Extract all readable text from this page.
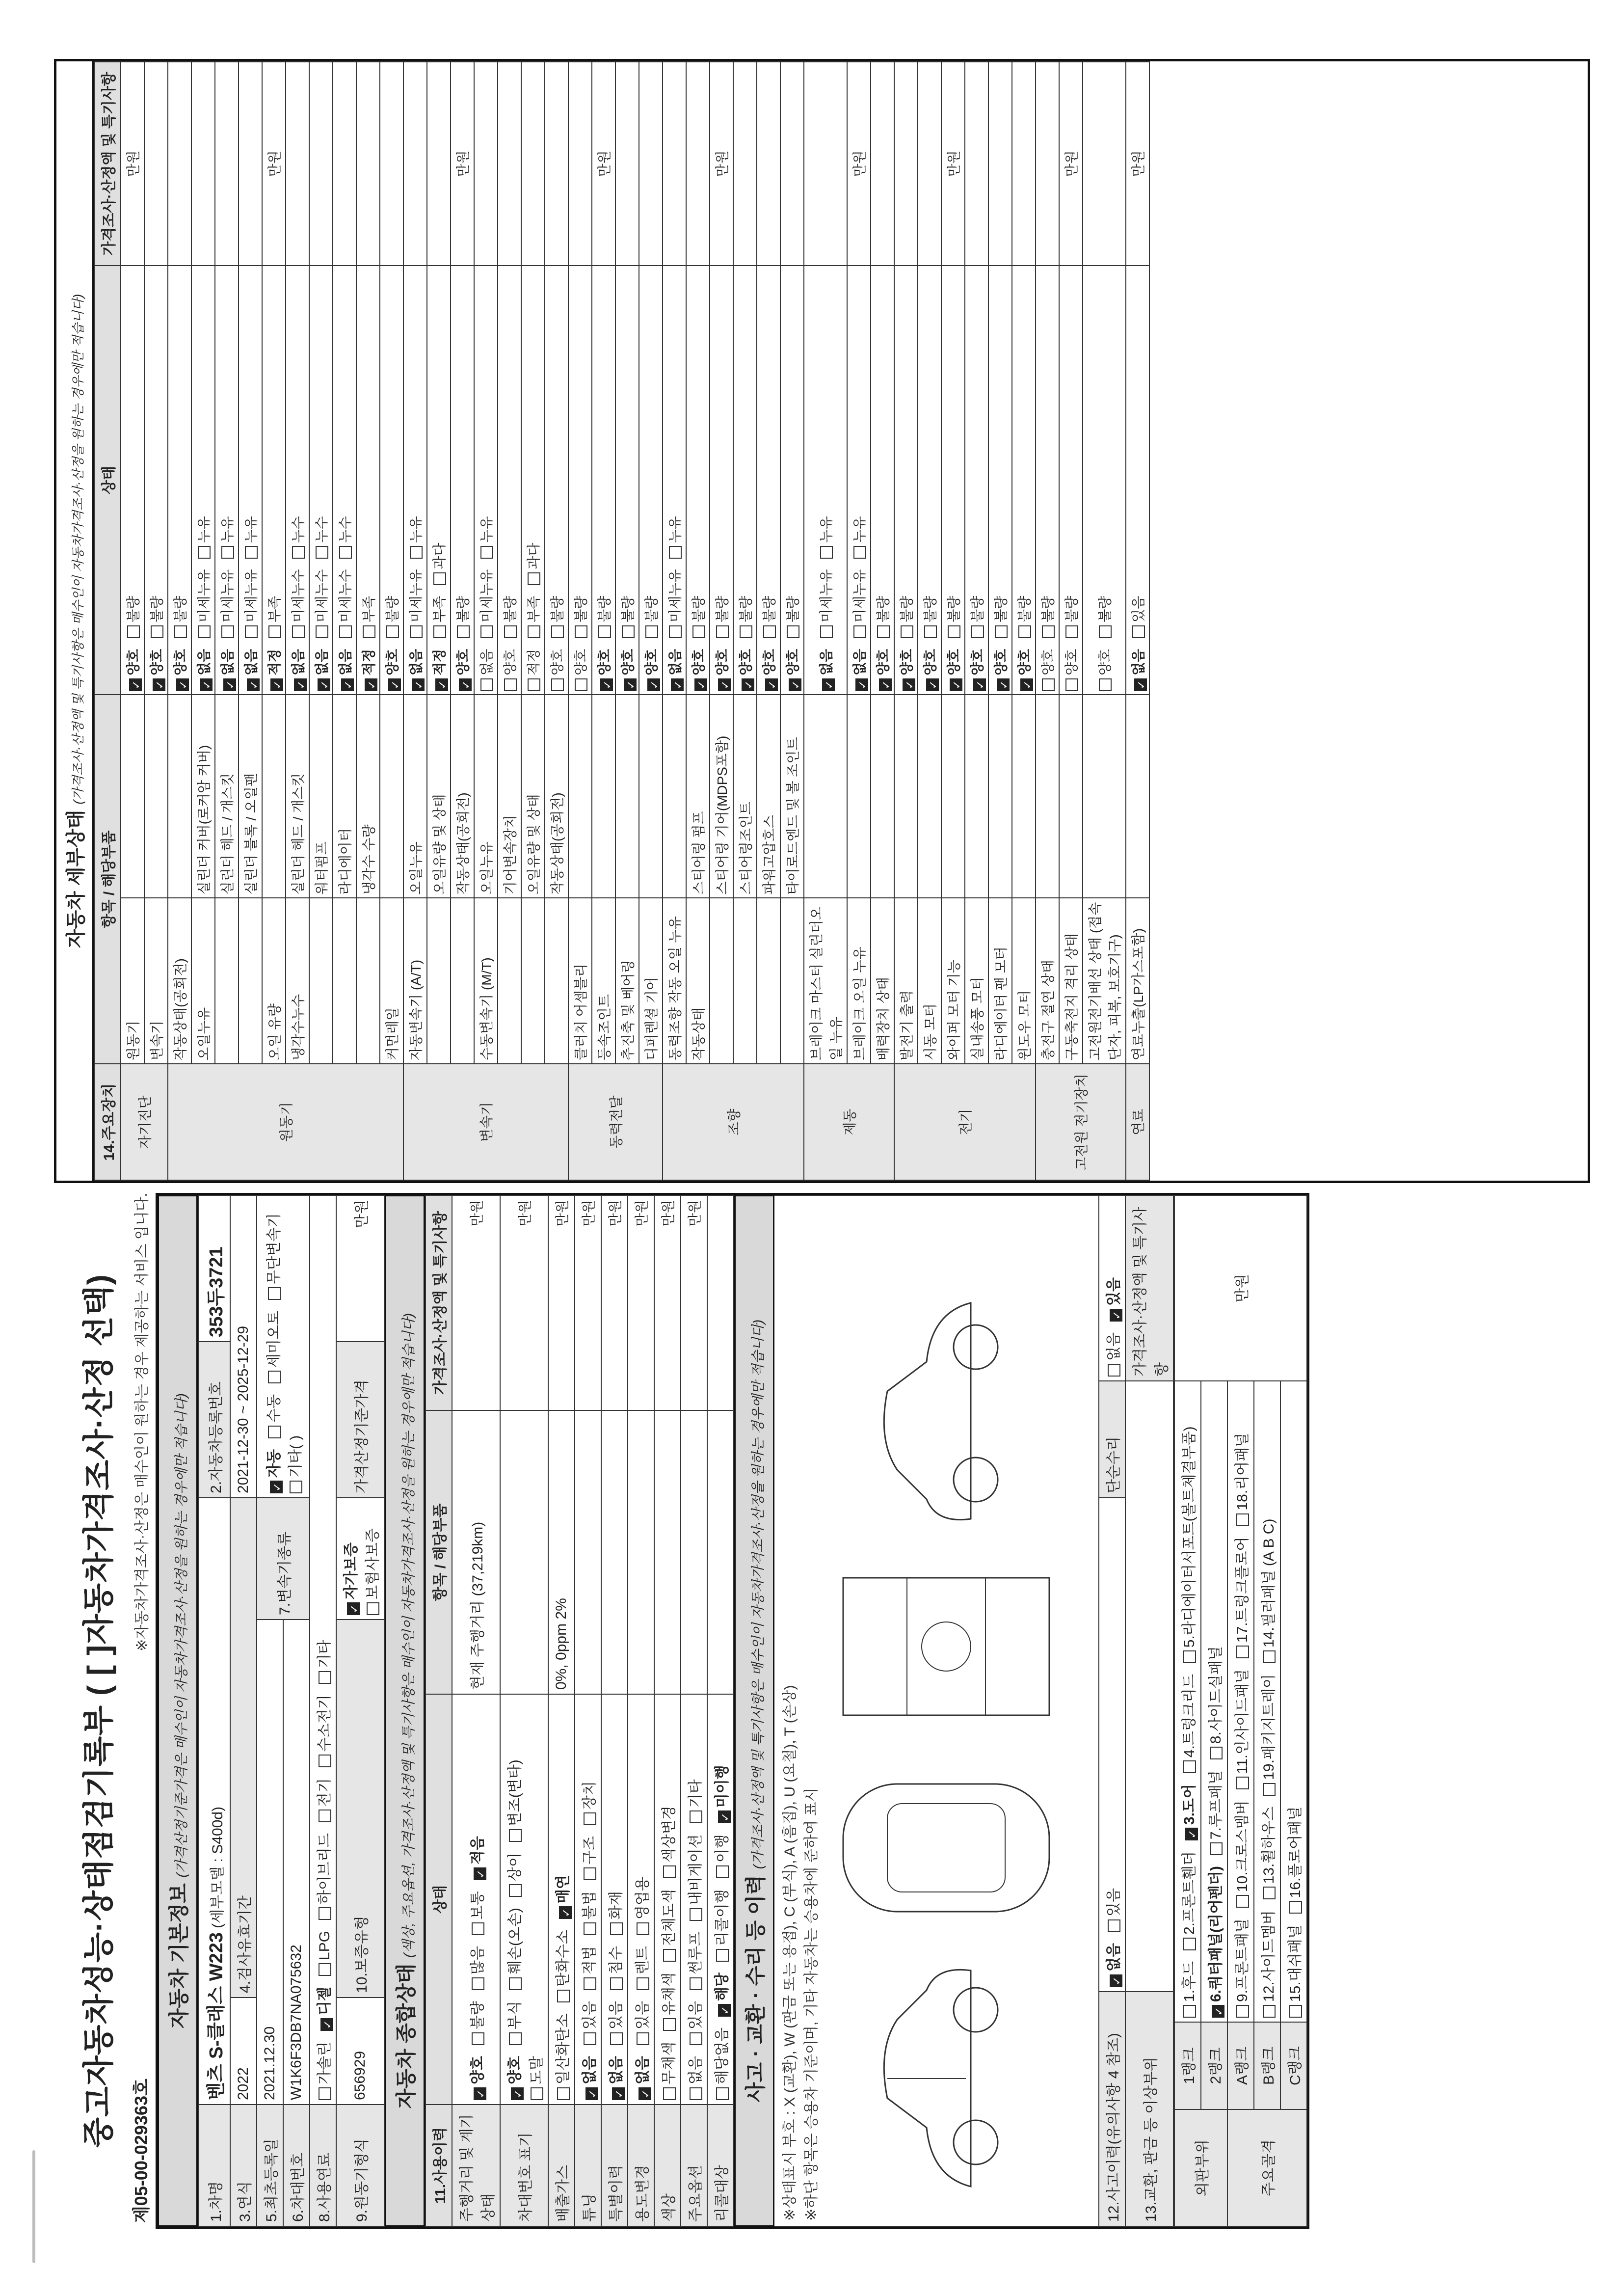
중고자동차성능·상태점검기록부 ( [ ]자동차가격조사·산정 선택)
제05-00-029363호
※자동차가격조사·산정은 매수인이 원하는 경우 제공하는 서비스 입니다.
자동차 기본정보 (가격산정기준가격은 매수인이 자동차가격조사·산정을 원하는 경우에만 적습니다)
1.차명	벤츠 S-클래스 W223 (세부모델 : S400d)			2.자동차등록번호	353두3721
3.연식	2022	4.검사유효기간		2021-12-30 ~ 2025-12-29	
5.최초등록일	2021.12.30		7.변속기종류	✓자동수동세미오토무단변속기기타( )	
6.차대번호	W1K6F3DB7NA075632				
8.사용연료	가솔린✓디젤LPG하이브리드전기수소전기기타				
9.원동기형식	656929	10.보증유형	✓자가보증 보험사보증	가격산정기준가격	만원
자동차 종합상태 (색상, 주요옵션, 가격조사·산정액 및 특기사항은 매수인이 자동차가격조사·산정을 원하는 경우에만 적습니다)
11.사용이력	상태	항목 / 해당부품	가격조사·산정액 및 특기사항
주행거리 및 계기상태	✓양호불량많음보통✓적음	현재 주행거리 (37,219km)	만원
차대번호 표기	✓양호부식훼손(오손)상이변조(변타)도말		만원
배출가스	일산화탄소탄화수소✓매연	0%, 0ppm 2%	만원
튜닝	✓없음있음적법불법구조장치		만원
특별이력	✓없음있음침수화재		만원
용도변경	✓없음있음렌트영업용		만원
색상	무채색유채색전체도색색상변경		만원
주요옵션	없음있음썬루프내비게이션기타		만원
리콜대상	해당없음✓해당리콜이행이행✓미이행		
사고 · 교환 · 수리 등 이력 (가격조사·산정액 및 특기사항은 매수인이 자동차가격조사·산정을 원하는 경우에만 적습니다)
※상태표시 부호 : X (교환), W (판금 또는 용접), C (부식), A (흠집), U (요철), T (손상) ※하단 항목은 승용차 기준이며, 기타 자동차는 승용차에 준하여 표시	12.사고이력(유의사항 4 참조)	✓없음있음	단순수리	없음✓있음
13.교환, 판금 등 이상부위			가격조사·산정액 및 특기사항
외판부위	1랭크	1.후드2.프론트휀더✓3.도어4.트렁크리드5.라디에이터서포트(볼트체결부품)	만원
	2랭크	✓6.쿼터패널(리어펜더)7.루프패널8.사이드실패널	
주요골격	A랭크	9.프론트패널10.크로스멤버11.인사이드패널17.트렁크플로어18.리어패널	
	B랭크	12.사이드멤버13.휠하우스19.패키지트레이14.필러패널 (A B C)	
	C랭크	15.대쉬패널16.플로어패널	
자동차 세부상태 (가격조사·산정액 및 특기사항은 매수인이 자동차가격조사·산정을 원하는 경우에만 적습니다)
14.주요장치	항목 / 해당부품		상태	가격조사·산정액 및 특기사항
자기진단	원동기		✓양호불량	만원
	변속기		✓양호불량	
원동기	작동상태(공회전)		✓양호불량	
	오일누유	실린더 커버(로커암 커버)	✓없음미세누유누유	
		실린더 헤드 / 개스킷	✓없음미세누유누유	
		실린더 블록 / 오일팬	✓없음미세누유누유	
	오일 유량		✓적정부족	만원
	냉각수누수	실린더 헤드 / 개스킷	✓없음미세누수누수	
		워터펌프	✓없음미세누수누수	
		라디에이터	✓없음미세누수누수	
		냉각수 수량	✓적정부족	
	커먼레일		✓양호불량	
변속기	자동변속기 (A/T)	오일누유	✓없음미세누유누유	
		오일유량 및 상태	✓적정부족과다	
		작동상태(공회전)	✓양호불량	만원
	수동변속기 (M/T)	오일누유	없음미세누유누유	
		기어변속장치	양호불량	
		오일유량 및 상태	적정부족과다	
		작동상태(공회전)	양호불량	
동력전달	클러치 어셈블리		양호불량	
	등속조인트		✓양호불량	만원
	추진축 및 베어링		✓양호불량	
	디퍼렌셜 기어		✓양호불량	
조향	동력조향 작동 오일 누유		✓없음미세누유누유	
	작동상태	스티어링 펌프	✓양호불량	
		스티어링 기어(MDPS포함)	✓양호불량	만원
		스티어링조인트	✓양호불량	
		파워고압호스	✓양호불량	
		타이로드엔드 및 볼 조인트	✓양호불량	
제동	브레이크 마스터 실린더오일 누유		✓없음미세누유누유	
	브레이크 오일 누유		✓없음미세누유누유	만원
	배력장치 상태		✓양호불량	
전기	발전기 출력		✓양호불량	
	시동 모터		✓양호불량	
	와이퍼 모터 기능		✓양호불량	만원
	실내송풍 모터		✓양호불량	
	라디에이터 팬 모터		✓양호불량	
	윈도우 모터		✓양호불량	
고전원 전기장치	충전구 절연 상태		양호불량	
	구동축전지 격리 상태		양호불량	만원
	고전원전기배선 상태 (접속단자, 피복, 보호기구)		양호불량	
연료	연료누출(LP가스포함)		✓없음있음	만원
